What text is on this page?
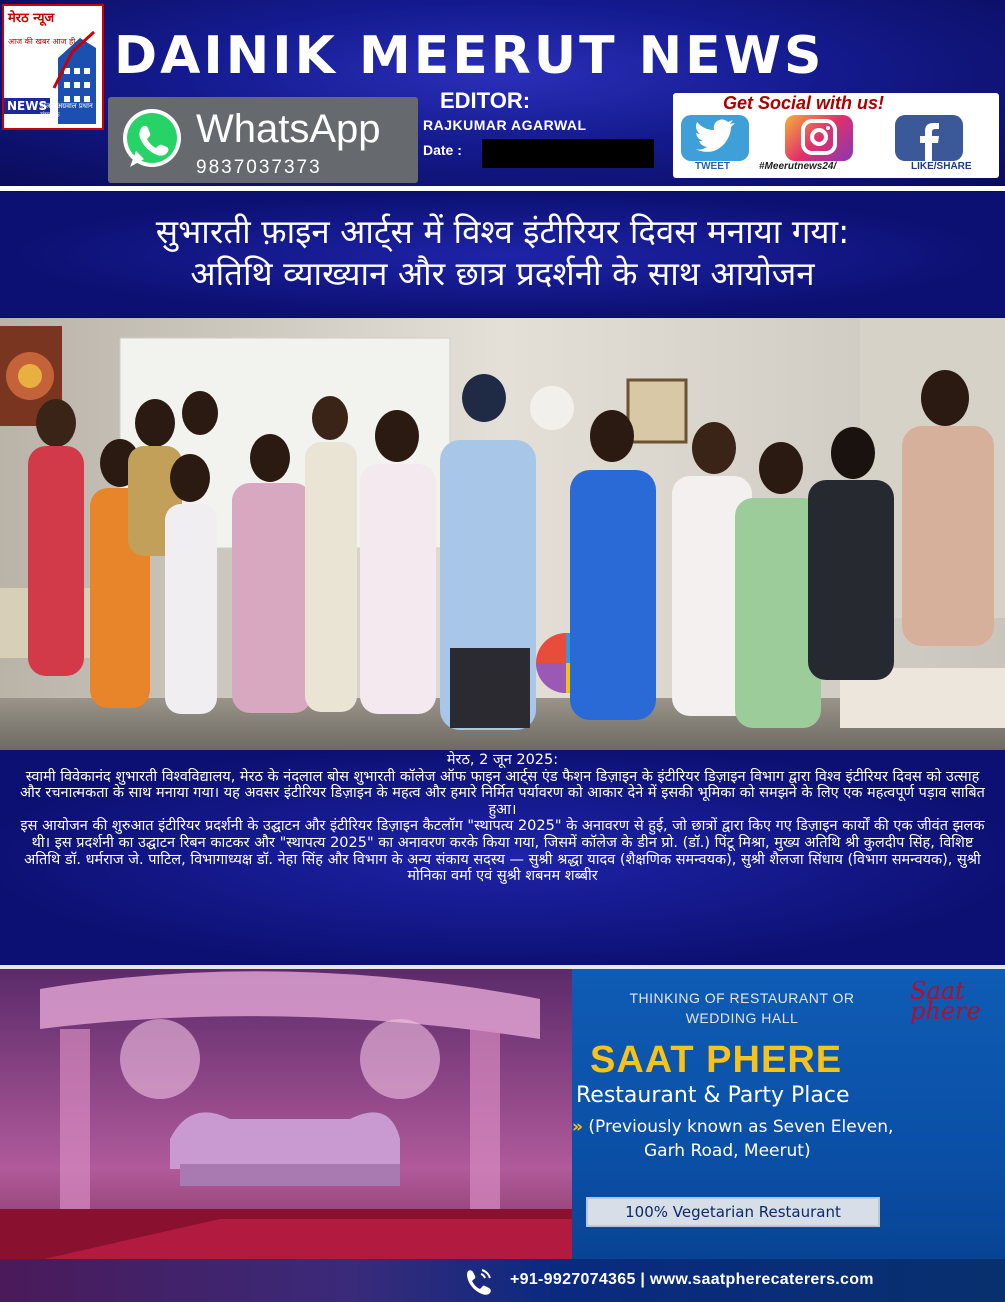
मेरठ न्यूज
आज की खबर आज ही
NEWS
अजय अग्रवाल प्रधान संपादक
DAINIK MEERUT NEWS
WhatsApp
9837037373
EDITOR:
RAJKUMAR AGARWAL
Date :
Get Social with us!
TWEET	#Meerutnews24/	LIKE/SHARE
सुभारती फ़ाइन आर्ट्स में विश्व इंटीरियर दिवस मनाया गया:
अतिथि व्याख्यान और छात्र प्रदर्शनी के साथ आयोजन

मेरठ, 2 जून 2025:

स्वामी विवेकानंद शुभारती विश्वविद्यालय, मेरठ के नंदलाल बोस शुभारती कॉलेज ऑफ फाइन आर्ट्स एंड फैशन डिज़ाइन के इंटीरियर डिज़ाइन विभाग द्वारा विश्व इंटीरियर दिवस को उत्साह और रचनात्मकता के साथ मनाया गया। यह अवसर इंटीरियर डिज़ाइन के महत्व और हमारे निर्मित पर्यावरण को आकार देने में इसकी भूमिका को समझने के लिए एक महत्वपूर्ण पड़ाव साबित हुआ।

इस आयोजन की शुरुआत इंटीरियर प्रदर्शनी के उद्घाटन और इंटीरियर डिज़ाइन कैटलॉग "स्थापत्य 2025" के अनावरण से हुई, जो छात्रों द्वारा किए गए डिज़ाइन कार्यों की एक जीवंत झलक थी। इस प्रदर्शनी का उद्घाटन रिबन काटकर और "स्थापत्य 2025" का अनावरण करके किया गया, जिसमें कॉलेज के डीन प्रो. (डॉ.) पिंटू मिश्रा, मुख्य अतिथि श्री कुलदीप सिंह, विशिष्ट अतिथि डॉ. धर्मराज जे. पाटिल, विभागाध्यक्ष डॉ. नेहा सिंह और विभाग के अन्य संकाय सदस्य — सुश्री श्रद्धा यादव (शैक्षणिक समन्वयक), सुश्री शैलजा सिंधाय (विभाग समन्वयक), सुश्री मोनिका वर्मा एवं सुश्री शबनम शब्बीर

THINKING OF RESTAURANT OR WEDDING HALL
Saat phere
SAAT PHERE
Restaurant & Party Place
» (Previously known as Seven Eleven,
Garh Road, Meerut)
100% Vegetarian Restaurant
+91-9927074365 | www.saatpherecaterers.com
